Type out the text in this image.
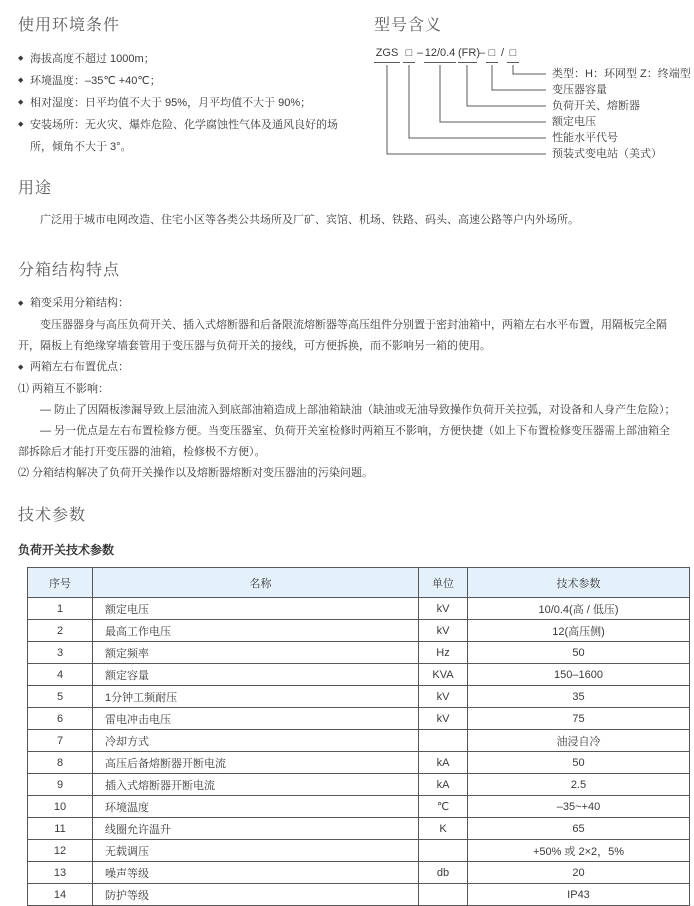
使用环境条件
◆ 海拔高度不超过 1000m；
◆ 环境温度：–35℃ +40℃；
◆ 相对湿度：日平均值不大于 95%，月平均值不大于 90%；
◆ 安装场所：无火灾、爆炸危险、化学腐蚀性气体及通风良好的场所，倾角不大于 3°。
型号含义
ZGS □ – 12/0.4 (FR)
– □ / □
类型：H：环网型 Z：终端型
变压器容量
负荷开关、熔断器
额定电压
性能水平代号
预装式变电站（美式）
用途

广泛用于城市电网改造、住宅小区等各类公共场所及厂矿、宾馆、机场、铁路、码头、高速公路等户内外场所。

分箱结构特点
◆ 箱变采用分箱结构：

变压器器身与高压负荷开关、插入式熔断器和后备限流熔断器等高压组件分别置于密封油箱中，两箱左右水平布置，用隔板完全隔开，隔板上有绝缘穿墙套管用于变压器与负荷开关的接线，可方便拆换，而不影响另一箱的使用。

◆ 两箱左右布置优点：

⑴ 两箱互不影响：

— 防止了因隔板渗漏导致上层油流入到底部油箱造成上部油箱缺油（缺油或无油导致操作负荷开关拉弧，对设备和人身产生危险）；

— 另一优点是左右布置检修方便。当变压器室、负荷开关室检修时两箱互不影响，方便快捷（如上下布置检修变压器需上部油箱全部拆除后才能打开变压器的油箱，检修极不方便）。

⑵ 分箱结构解决了负荷开关操作以及熔断器熔断对变压器油的污染问题。

技术参数
负荷开关技术参数
序号	名称	单位	技术参数
1	额定电压	kV	10/0.4(高 / 低压)
2	最高工作电压	kV	12(高压侧)
3	额定频率	Hz	50
4	额定容量	KVA	150–1600
5	1分钟工频耐压	kV	35
6	雷电冲击电压	kV	75
7	冷却方式		油浸自冷
8	高压后备熔断器开断电流	kA	50
9	插入式熔断器开断电流	kA	2.5
10	环境温度	℃	–35~+40
11	线圈允许温升	K	65
12	无载调压		+50% 或 2×2，5%
13	噪声等级	db	20
14	防护等级		IP43
